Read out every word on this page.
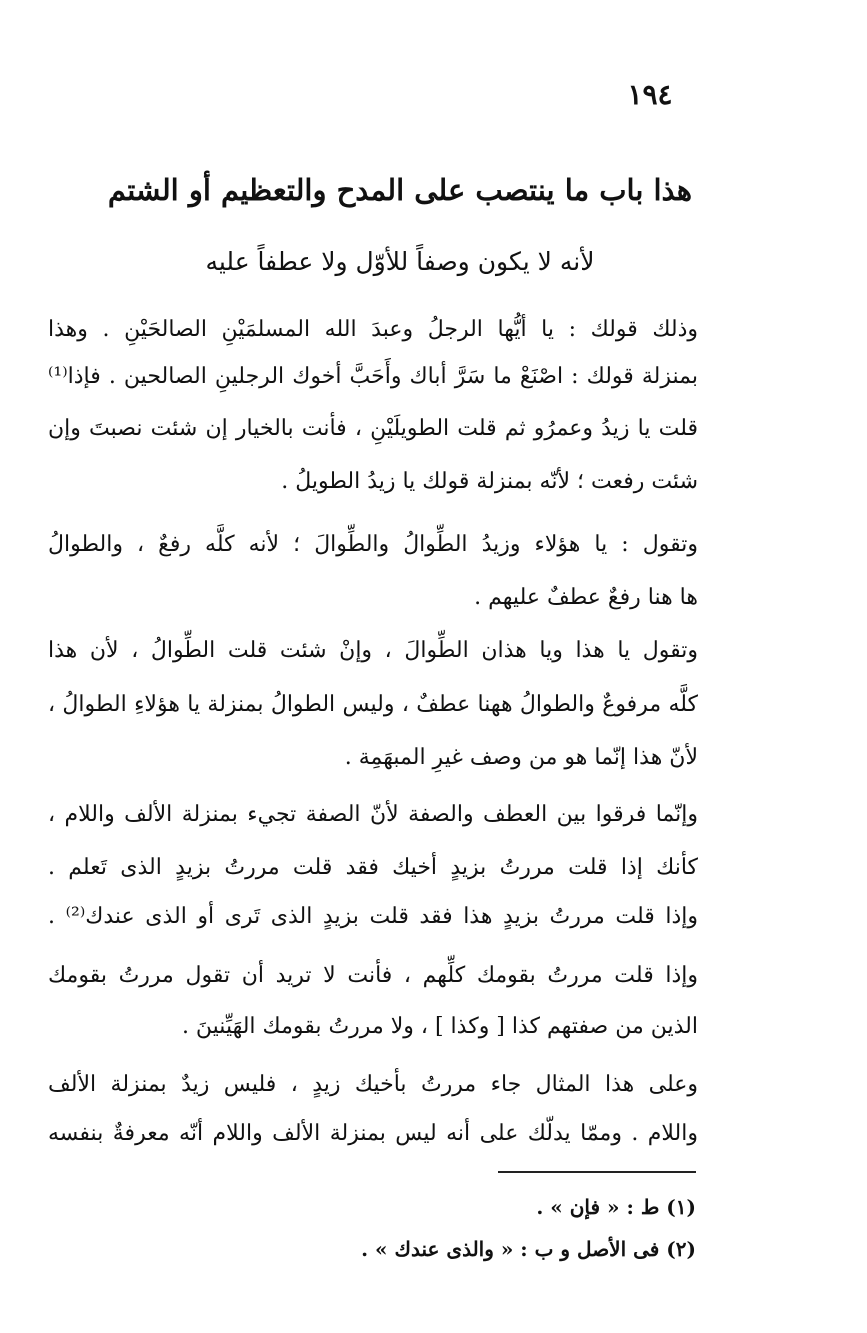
١٩٤
هذا باب ما ينتصب على المدح والتعظيم أو الشتم
لأنه لا يكون وصفاً للأوّل ولا عطفاً عليه
وذلك قولك : يا أيُّها الرجلُ وعبدَ الله المسلمَيْنِ الصالحَيْنِ . وهذا
بمنزلة قولك : اصْنَعْ ما سَرَّ أباك وأَحَبَّ أخوك الرجلينِ الصالحين . فإذا⁽¹⁾
قلت يا زيدُ وعمرُو ثم قلت الطويلَيْنِ ، فأنت بالخيار إن شئت نصبتَ وإن
شئت رفعت ؛ لأنّه بمنزلة قولك يا زيدُ الطويلُ .
وتقول : يا هؤلاء وزيدُ الطِّوالُ والطِّوالَ ؛ لأنه كلَّه رفعٌ ، والطوالُ
ها هنا رفعٌ عطفٌ عليهم .
وتقول يا هذا ويا هذان الطِّوالَ ، وإنْ شئت قلت الطِّوالُ ، لأن هذا
كلَّه مرفوعٌ والطوالُ ههنا عطفٌ ، وليس الطوالُ بمنزلة يا هؤلاءِ الطوالُ ،
لأنّ هذا إنّما هو من وصف غيرِ المبهَمِة .
وإنّما فرقوا بين العطف والصفة لأنّ الصفة تجيء بمنزلة الألف واللام ،
كأنك إذا قلت مررتُ بزيدٍ أخيك فقد قلت مررتُ بزيدٍ الذى تَعلم .
وإذا قلت مررتُ بزيدٍ هذا فقد قلت بزيدٍ الذى تَرى أو الذى عندك⁽²⁾ .
وإذا قلت مررتُ بقومك كلِّهم ، فأنت لا تريد أن تقول مررتُ بقومك
الذين من صفتهم كذا [ وكذا ] ، ولا مررتُ بقومك الهَيِّنينَ .
وعلى هذا المثال جاء مررتُ بأخيك زيدٍ ، فليس زيدٌ بمنزلة الألف
واللام . وممّا يدلّك على أنه ليس بمنزلة الألف واللام أنّه معرفةٌ بنفسه
(١) ط : « فإن » .
(٢) فى الأصل و ب : « والذى عندك » .
